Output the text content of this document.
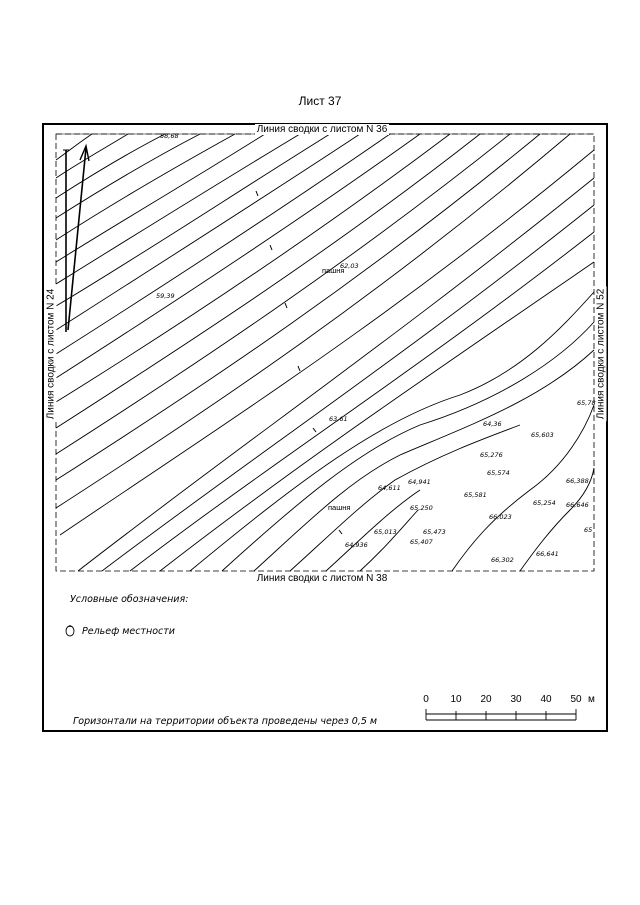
Лист 37
58,68
59,39
62,03
63,61
64,36
65,603
65,276
65,574
64,611
64,941
65,581
65,250
66,023
65,254
66,388
66,646
65,78
65,013	65,473
64,936	65,407
66,302
66,641
65
пашня
пашня
Линия сводки с листом N 36
Линия сводки с листом N 38
Линия сводки с листом N 24	Линия сводки с листом N 52
Условные обозначения:
Рельеф местности
0 10 20 30 40 50 м
Горизонтали на территории объекта проведены через 0,5 м
